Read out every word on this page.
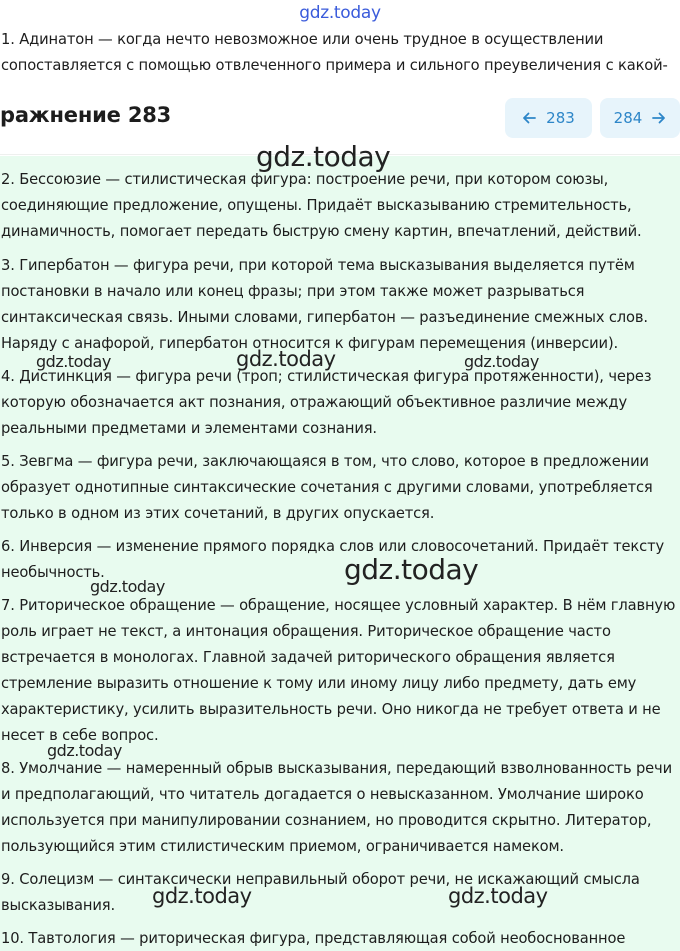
gdz.today
1. Адинатон — когда нечто невозможное или очень трудное в осуществлении
сопоставляется с помощью отвлеченного примера и сильного преувеличения с какой-
ражнение 283	283	284
2. Бессоюзие — стилистическая фигура: построение речи, при котором союзы, соединяющие предложение, опущены. Придаёт высказыванию стремительность, динамичность, помогает передать быструю смену картин, впечатлений, действий.
3. Гипербатон — фигура речи, при которой тема высказывания выделяется путём постановки в начало или конец фразы; при этом также может разрываться синтаксическая связь. Иными словами, гипербатон — разъединение смежных слов. Наряду с анафорой, гипербатон относится к фигурам перемещения (инверсии).
4. Дистинкция — фигура речи (троп; стилистическая фигура протяженности), через которую обозначается акт познания, отражающий объективное различие между реальными предметами и элементами сознания.
5. Зевгма — фигура речи, заключающаяся в том, что слово, которое в предложении образует однотипные синтаксические сочетания с другими словами, употребляется только в одном из этих сочетаний, в других опускается.
6. Инверсия — изменение прямого порядка слов или словосочетаний. Придаёт тексту необычность.
7. Риторическое обращение — обращение, носящее условный характер. В нём главную роль играет не текст, а интонация обращения. Риторическое обращение часто встречается в монологах. Главной задачей риторического обращения является стремление выразить отношение к тому или иному лицу либо предмету, дать ему характеристику, усилить выразительность речи. Оно никогда не требует ответа и не несет в себе вопрос.
8. Умолчание — намеренный обрыв высказывания, передающий взволнованность речи и предполагающий, что читатель догадается о невысказанном. Умолчание широко используется при манипулировании сознанием, но проводится скрытно. Литератор, пользующийся этим стилистическим приемом, ограничивается намеком.
9. Солецизм — синтаксически неправильный оборот речи, не искажающий смысла высказывания.
10. Тавтология — риторическая фигура, представляющая собой необоснованное
gdz.today
gdz.today	gdz.today	gdz.today
gdz.today
gdz.today
gdz.today
gdz.today	gdz.today
